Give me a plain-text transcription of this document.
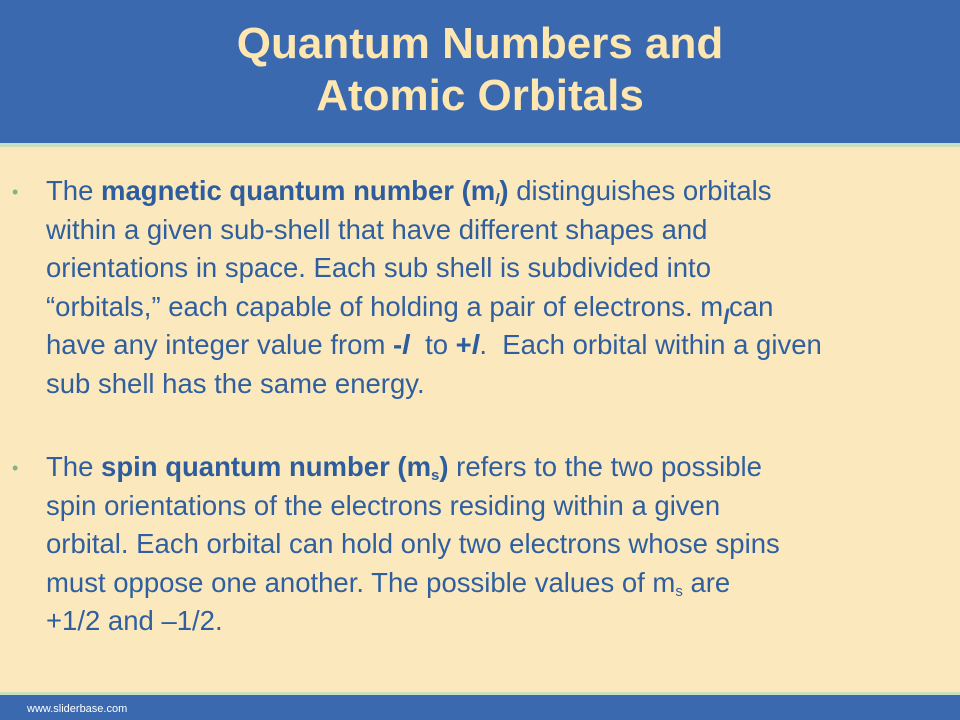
Quantum Numbers and
Atomic Orbitals
• The magnetic quantum number $(m_l)$ distinguishes orbitals
within a given sub-shell that have different shapes and
orientations in space. Each sub shell is subdivided into
“orbitals,” each capable of holding a pair of electrons. $m_lcan$
have any integer value from -l  to +l.  Each orbital within a given
sub shell has the same energy.
• The spin quantum number $(m_s)$ refers to the two possible
spin orientations of the electrons residing within a given
orbital. Each orbital can hold only two electrons whose spins
must oppose one another. The possible values of $m_s$ are
+1/2 and –1/2.
www.sliderbase.com
